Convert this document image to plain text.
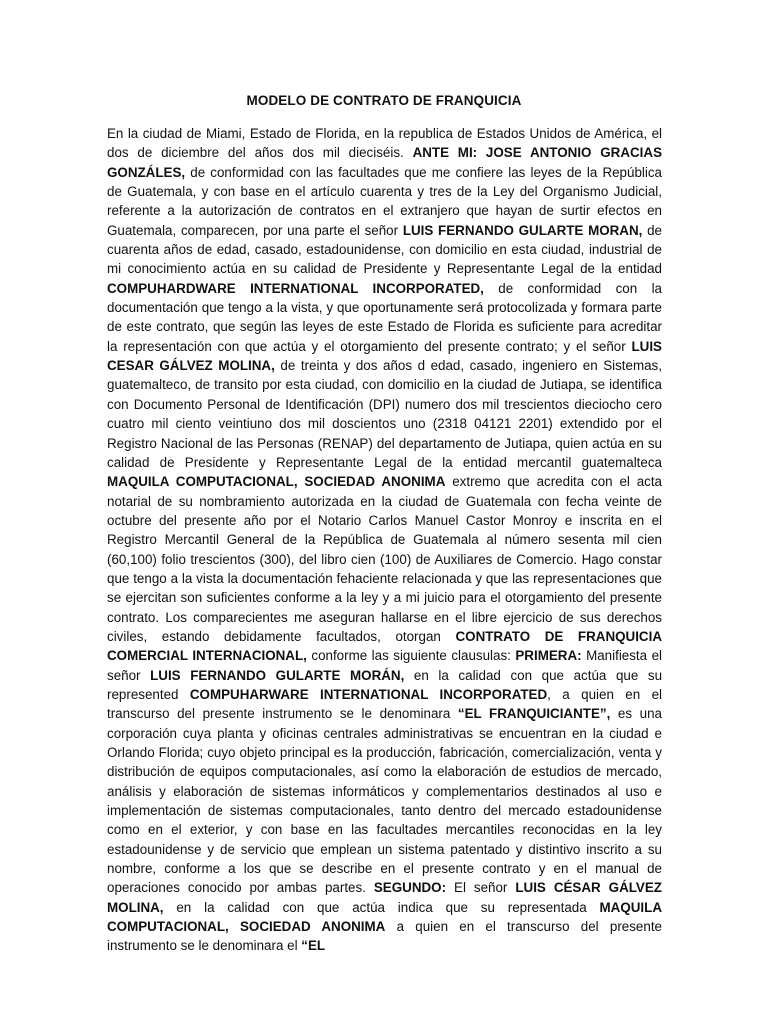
MODELO DE CONTRATO DE FRANQUICIA
En la ciudad de Miami, Estado de Florida, en la republica de Estados Unidos de América, el dos de diciembre del años dos mil dieciséis. ANTE MI: JOSE ANTONIO GRACIAS GONZÁLES, de conformidad con las facultades que me confiere las leyes de la República de Guatemala, y con base en el artículo cuarenta y tres de la Ley del Organismo Judicial, referente a la autorización de contratos en el extranjero que hayan de surtir efectos en Guatemala, comparecen, por una parte el señor LUIS FERNANDO GULARTE MORAN, de cuarenta años de edad, casado, estadounidense, con domicilio en esta ciudad, industrial de mi conocimiento actúa en su calidad de Presidente y Representante Legal de la entidad COMPUHARDWARE INTERNATIONAL INCORPORATED, de conformidad con la documentación que tengo a la vista, y que oportunamente será protocolizada y formara parte de este contrato, que según las leyes de este Estado de Florida es suficiente para acreditar la representación con que actúa y el otorgamiento del presente contrato; y el señor LUIS CESAR GÁLVEZ MOLINA, de treinta y dos años d edad, casado, ingeniero en Sistemas, guatemalteco, de transito por esta ciudad, con domicilio en la ciudad de Jutiapa, se identifica con Documento Personal de Identificación (DPI) numero dos mil trescientos dieciocho cero cuatro mil ciento veintiuno dos mil doscientos uno (2318 04121 2201) extendido por el Registro Nacional de las Personas (RENAP) del departamento de Jutiapa, quien actúa en su calidad de Presidente y Representante Legal de la entidad mercantil guatemalteca MAQUILA COMPUTACIONAL, SOCIEDAD ANONIMA extremo que acredita con el acta notarial de su nombramiento autorizada en la ciudad de Guatemala con fecha veinte de octubre del presente año por el Notario Carlos Manuel Castor Monroy e inscrita en el Registro Mercantil General de la República de Guatemala al número sesenta mil cien (60,100) folio trescientos (300), del libro cien (100) de Auxiliares de Comercio. Hago constar que tengo a la vista la documentación fehaciente relacionada y que las representaciones que se ejercitan son suficientes conforme a la ley y a mi juicio para el otorgamiento del presente contrato. Los comparecientes me aseguran hallarse en el libre ejercicio de sus derechos civiles, estando debidamente facultados, otorgan CONTRATO DE FRANQUICIA COMERCIAL INTERNACIONAL, conforme las siguiente clausulas: PRIMERA: Manifiesta el señor LUIS FERNANDO GULARTE MORÁN, en la calidad con que actúa que su represented COMPUHARWARE INTERNATIONAL INCORPORATED, a quien en el transcurso del presente instrumento se le denominara “EL FRANQUICIANTE”, es una corporación cuya planta y oficinas centrales administrativas se encuentran en la ciudad e Orlando Florida; cuyo objeto principal es la producción, fabricación, comercialización, venta y distribución de equipos computacionales, así como la elaboración de estudios de mercado, análisis y elaboración de sistemas informáticos y complementarios destinados al uso e implementación de sistemas computacionales, tanto dentro del mercado estadounidense como en el exterior, y con base en las facultades mercantiles reconocidas en la ley estadounidense y de servicio que emplean un sistema patentado y distintivo inscrito a su nombre, conforme a los que se describe en el presente contrato y en el manual de operaciones conocido por ambas partes. SEGUNDO: El señor LUIS CÉSAR GÁLVEZ MOLINA, en la calidad con que actúa indica que su representada MAQUILA COMPUTACIONAL, SOCIEDAD ANONIMA a quien en el transcurso del presente instrumento se le denominara el “EL
